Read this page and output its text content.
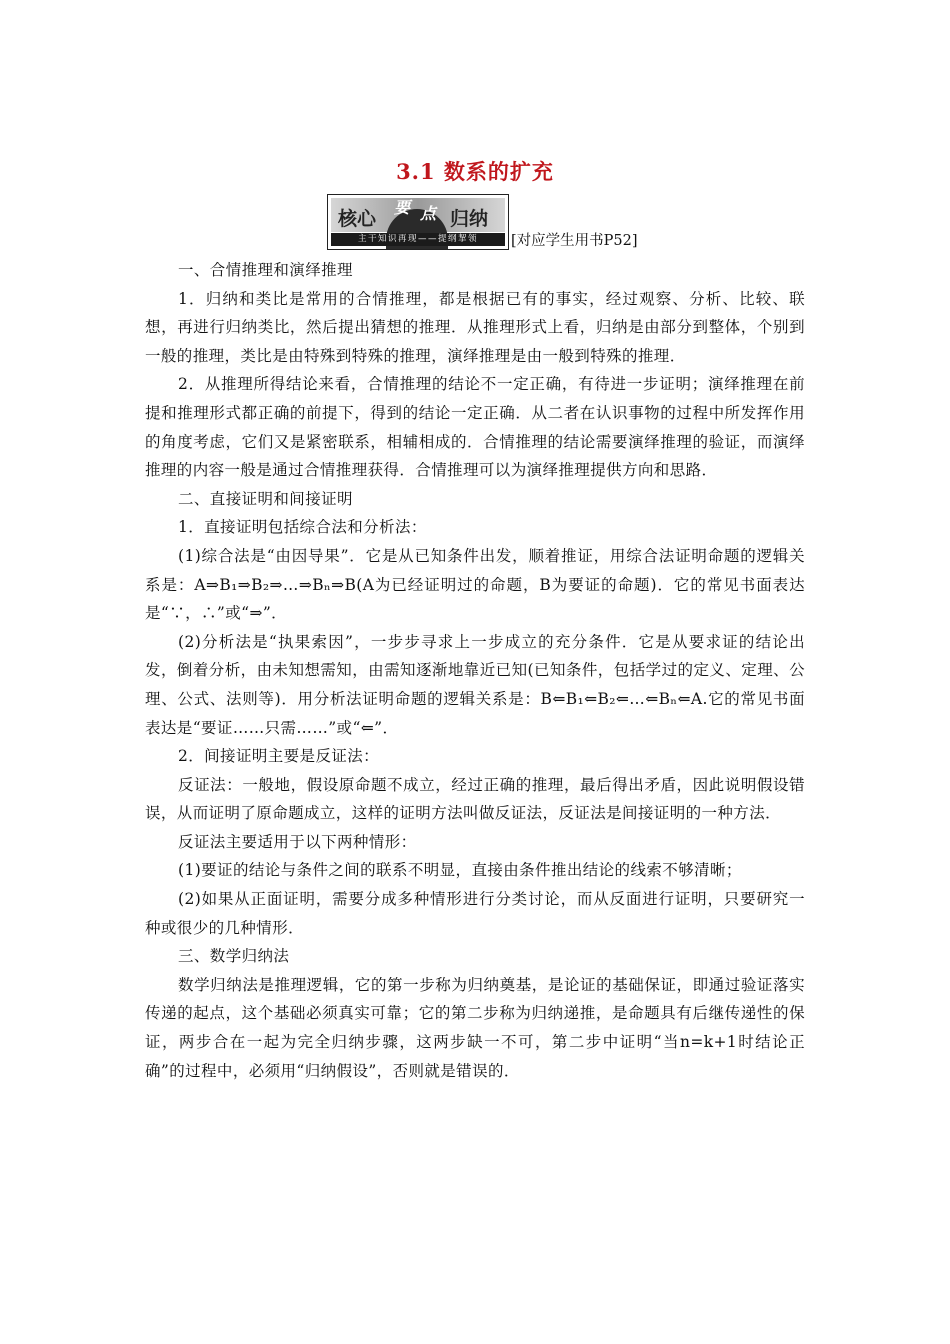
3.1 数系的扩充
核心
要 点 归纳
主干知识再现——提纲挈领	[对应学生用书P52]

一、合情推理和演绎推理

1．归纳和类比是常用的合情推理，都是根据已有的事实，经过观察、分析、比较、联想，再进行归纳类比，然后提出猜想的推理．从推理形式上看，归纳是由部分到整体，个别到一般的推理，类比是由特殊到特殊的推理，演绎推理是由一般到特殊的推理．

2．从推理所得结论来看，合情推理的结论不一定正确，有待进一步证明；演绎推理在前提和推理形式都正确的前提下，得到的结论一定正确．从二者在认识事物的过程中所发挥作用的角度考虑，它们又是紧密联系，相辅相成的．合情推理的结论需要演绎推理的验证，而演绎推理的内容一般是通过合情推理获得．合情推理可以为演绎推理提供方向和思路．

二、直接证明和间接证明

1．直接证明包括综合法和分析法：

(1)综合法是“由因导果”．它是从已知条件出发，顺着推证，用综合法证明命题的逻辑关系是：A⇒B₁⇒B₂⇒…⇒Bₙ⇒B(A为已经证明过的命题，B为要证的命题)．它的常见书面表达是“∵，∴”或“⇒”．

(2)分析法是“执果索因”，一步步寻求上一步成立的充分条件．它是从要求证的结论出发，倒着分析，由未知想需知，由需知逐渐地靠近已知(已知条件，包括学过的定义、定理、公理、公式、法则等)．用分析法证明命题的逻辑关系是：B⇐B₁⇐B₂⇐…⇐Bₙ⇐A.它的常见书面表达是“要证……只需……”或“⇐”．

2．间接证明主要是反证法：

反证法：一般地，假设原命题不成立，经过正确的推理，最后得出矛盾，因此说明假设错误，从而证明了原命题成立，这样的证明方法叫做反证法，反证法是间接证明的一种方法．

反证法主要适用于以下两种情形：

(1)要证的结论与条件之间的联系不明显，直接由条件推出结论的线索不够清晰；

(2)如果从正面证明，需要分成多种情形进行分类讨论，而从反面进行证明，只要研究一种或很少的几种情形．

三、数学归纳法

数学归纳法是推理逻辑，它的第一步称为归纳奠基，是论证的基础保证，即通过验证落实传递的起点，这个基础必须真实可靠；它的第二步称为归纳递推，是命题具有后继传递性的保证，两步合在一起为完全归纳步骤，这两步缺一不可，第二步中证明“当n=k+1时结论正确”的过程中，必须用“归纳假设”，否则就是错误的．
